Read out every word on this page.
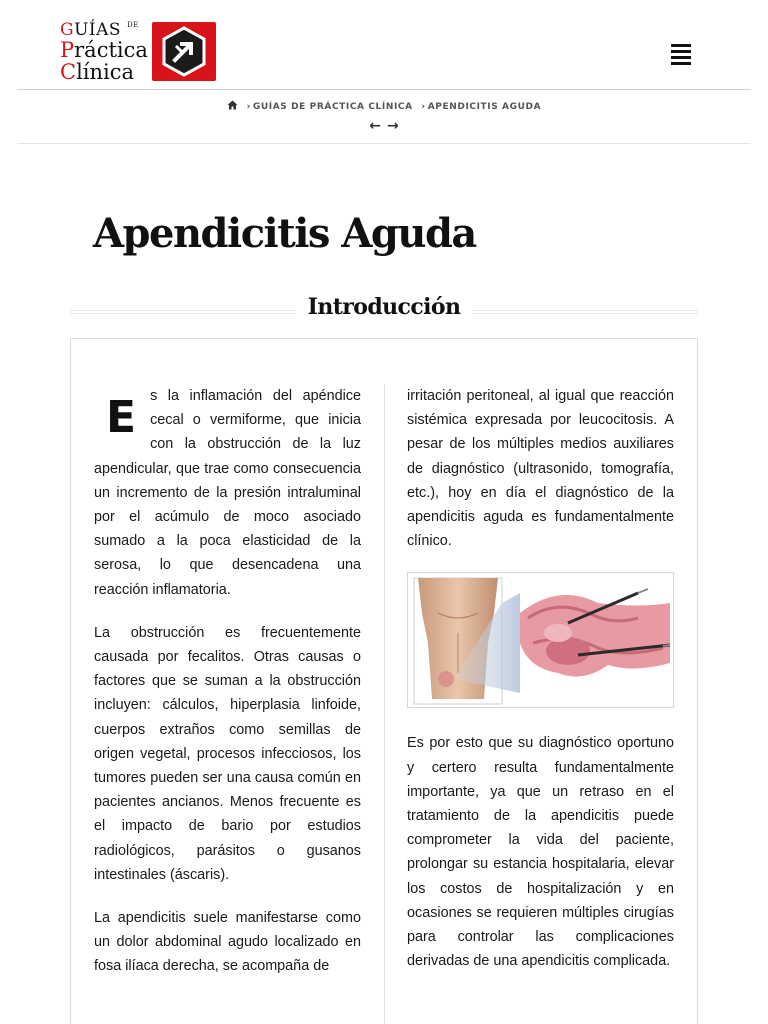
GUÍAS $^{DE}$
Práctica
Clínica
› GUÍAS DE PRÁCTICA CLÍNICA › APENDICITIS AGUDA
← →
Apendicitis Aguda
Introducción

Es la inflamación del apéndice cecal o vermiforme, que inicia con la obstrucción de la luz apendicular, que trae como consecuencia un incremento de la presión intraluminal por el acúmulo de moco asociado sumado a la poca elasticidad de la serosa, lo que desencadena una reacción inflamatoria.

La obstrucción es frecuentemente causada por fecalitos. Otras causas o factores que se suman a la obstrucción incluyen: cálculos, hiperplasia linfoide, cuerpos extraños como semillas de origen vegetal, procesos infecciosos, los tumores pueden ser una causa común en pacientes ancianos. Menos frecuente es el impacto de bario por estudios radiológicos, parásitos o gusanos intestinales (áscaris).

La apendicitis suele manifestarse como un dolor abdominal agudo localizado en fosa ilíaca derecha, se acompaña de

irritación peritoneal, al igual que reacción sistémica expresada por leucocitosis. A pesar de los múltiples medios auxiliares de diagnóstico (ultrasonido, tomografía, etc.), hoy en día el diagnóstico de la apendicitis aguda es fundamentalmente clínico.

Es por esto que su diagnóstico oportuno y certero resulta fundamentalmente importante, ya que un retraso en el tratamiento de la apendicitis puede comprometer la vida del paciente, prolongar su estancia hospitalaria, elevar los costos de hospitalización y en ocasiones se requieren múltiples cirugías para controlar las complicaciones derivadas de una apendicitis complicada.
